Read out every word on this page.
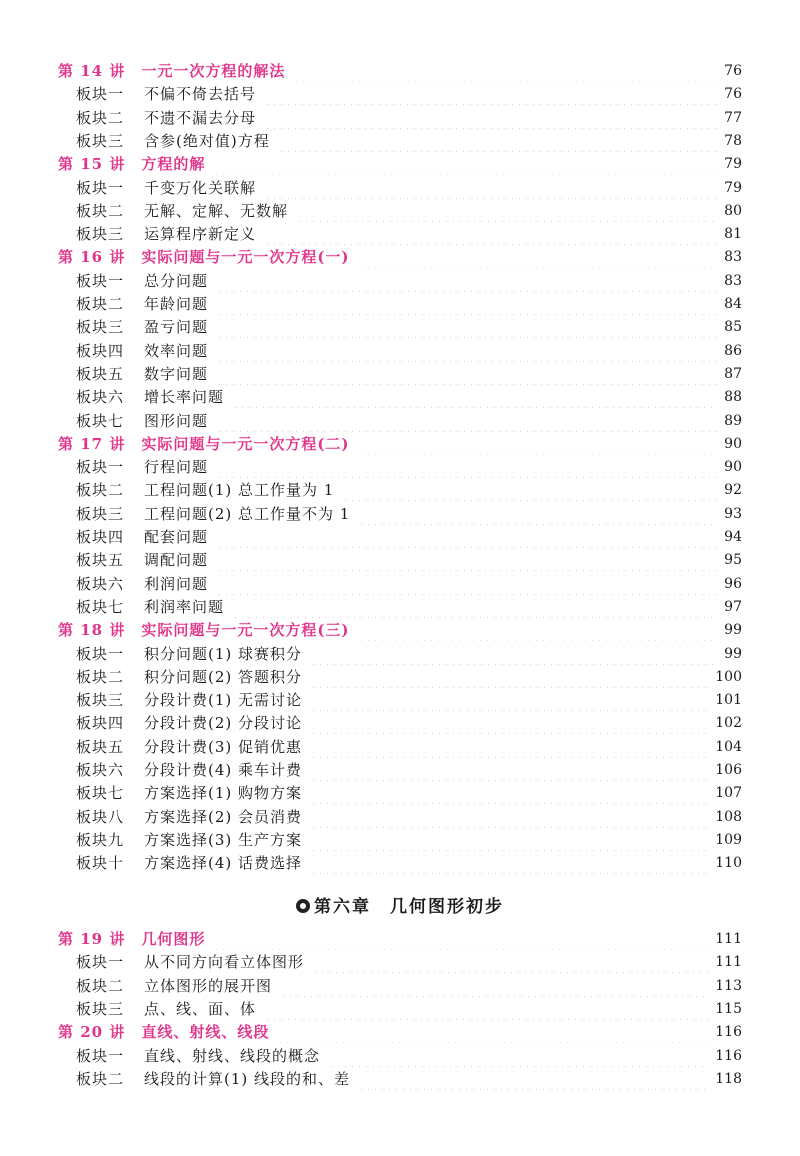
第 14 讲 一元一次方程的解法	76
板块一 不偏不倚去括号	76
板块二 不遗不漏去分母	77
板块三 含参(绝对值)方程	78
第 15 讲 方程的解	79
板块一 千变万化关联解	79
板块二 无解、定解、无数解	80
板块三 运算程序新定义	81
第 16 讲 实际问题与一元一次方程(一)	83
板块一 总分问题	83
板块二 年龄问题	84
板块三 盈亏问题	85
板块四 效率问题	86
板块五 数字问题	87
板块六 增长率问题	88
板块七 图形问题	89
第 17 讲 实际问题与一元一次方程(二)	90
板块一 行程问题	90
板块二 工程问题(1) 总工作量为 1	92
板块三 工程问题(2) 总工作量不为 1	93
板块四 配套问题	94
板块五 调配问题	95
板块六 利润问题	96
板块七 利润率问题	97
第 18 讲 实际问题与一元一次方程(三)	99
板块一 积分问题(1) 球赛积分	99
板块二 积分问题(2) 答题积分	100
板块三 分段计费(1) 无需讨论	101
板块四 分段计费(2) 分段讨论	102
板块五 分段计费(3) 促销优惠	104
板块六 分段计费(4) 乘车计费	106
板块七 方案选择(1) 购物方案	107
板块八 方案选择(2) 会员消费	108
板块九 方案选择(3) 生产方案	109
板块十 方案选择(4) 话费选择	110
第六章　几何图形初步
第 19 讲 几何图形	111
板块一 从不同方向看立体图形	111
板块二 立体图形的展开图	113
板块三 点、线、面、体	115
第 20 讲 直线、射线、线段	116
板块一 直线、射线、线段的概念	116
板块二 线段的计算(1) 线段的和、差	118
